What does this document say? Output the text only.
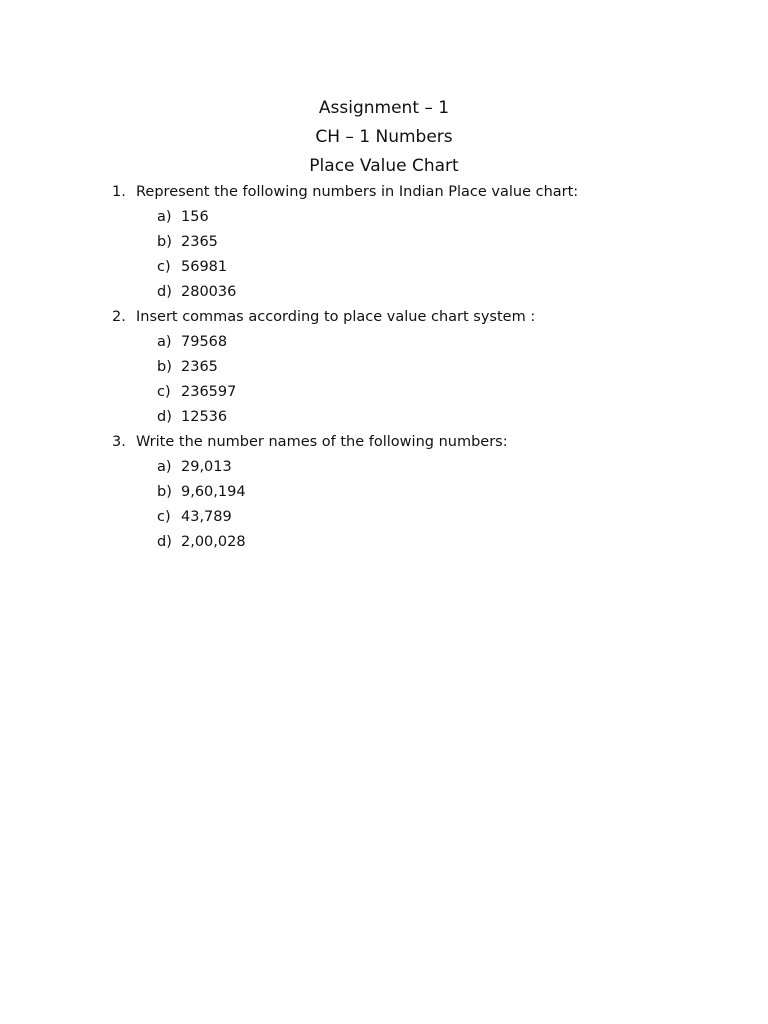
Assignment – 1
CH – 1 Numbers
Place Value Chart
1. Represent the following numbers in Indian Place value chart:
a) 156
b) 2365
c) 56981
d) 280036
2. Insert commas according to place value chart system :
a) 79568
b) 2365
c) 236597
d) 12536
3. Write the number names of the following numbers:
a) 29,013
b) 9,60,194
c) 43,789
d) 2,00,028
